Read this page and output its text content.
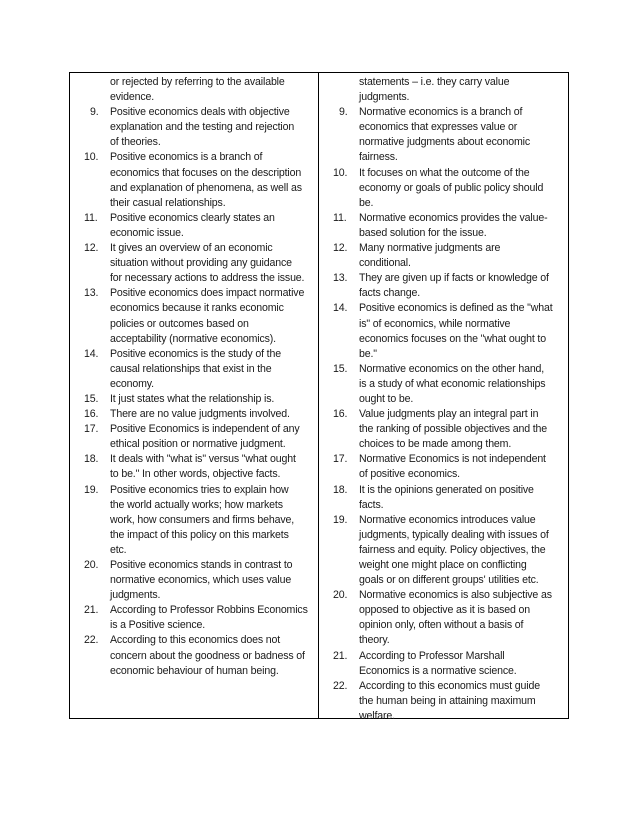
or rejected by referring to the available
evidence.
9.	Positive economics deals with objective
explanation and the testing and rejection
of theories.
10.	Positive economics is a branch of
economics that focuses on the description
and explanation of phenomena, as well as
their casual relationships.
11.	Positive economics clearly states an
economic issue.
12.	It gives an overview of an economic
situation without providing any guidance
for necessary actions to address the issue.
13.	Positive economics does impact normative
economics because it ranks economic
policies or outcomes based on
acceptability (normative economics).
14.	Positive economics is the study of the
causal relationships that exist in the
economy.
15.	It just states what the relationship is.
16.	There are no value judgments involved.
17.	Positive Economics is independent of any
ethical position or normative judgment.
18.	It deals with "what is" versus "what ought
to be." In other words, objective facts.
19.	Positive economics tries to explain how
the world actually works; how markets
work, how consumers and firms behave,
the impact of this policy on this markets
etc.
20.	Positive economics stands in contrast to
normative economics, which uses value
judgments.
21.	According to Professor Robbins Economics
is a Positive science.
22.	According to this economics does not
concern about the goodness or badness of
economic behaviour of human being.
statements – i.e. they carry value
judgments.
9.	Normative economics is a branch of
economics that expresses value or
normative judgments about economic
fairness.
10.	It focuses on what the outcome of the
economy or goals of public policy should
be.
11.	Normative economics provides the value-
based solution for the issue.
12.	Many normative judgments are
conditional.
13.	They are given up if facts or knowledge of
facts change.
14.	Positive economics is defined as the "what
is" of economics, while normative
economics focuses on the "what ought to
be."
15.	Normative economics on the other hand,
is a study of what economic relationships
ought to be.
16.	Value judgments play an integral part in
the ranking of possible objectives and the
choices to be made among them.
17.	Normative Economics is not independent
of positive economics.
18.	It is the opinions generated on positive
facts.
19.	Normative economics introduces value
judgments, typically dealing with issues of
fairness and equity. Policy objectives, the
weight one might place on conflicting
goals or on different groups' utilities etc.
20.	Normative economics is also subjective as
opposed to objective as it is based on
opinion only, often without a basis of
theory.
21.	According to Professor Marshall
Economics is a normative science.
22.	According to this economics must guide
the human being in attaining maximum
welfare.
